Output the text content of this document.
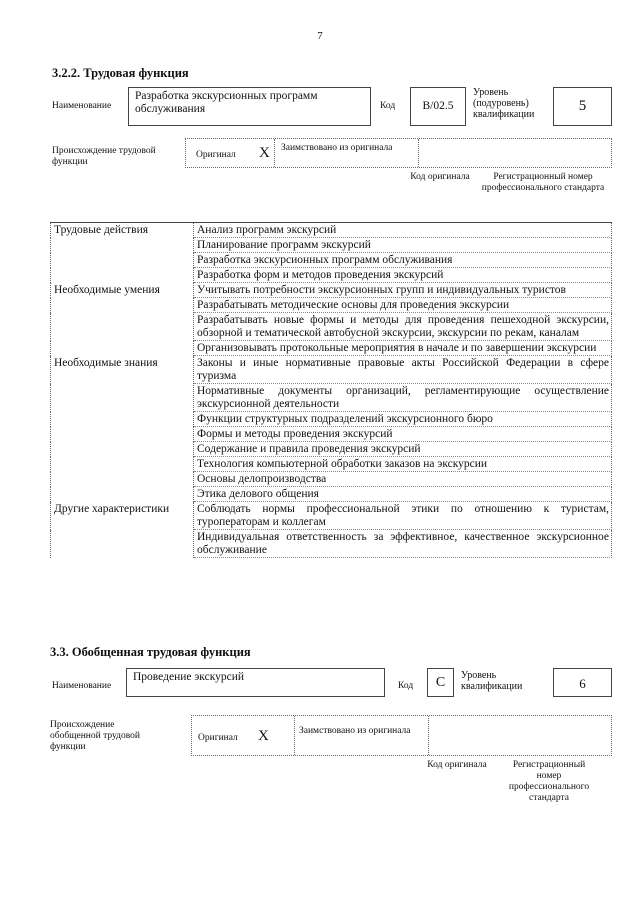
7
3.2.2. Трудовая функция
Наименование
Разработка экскурсионных программ обслуживания	Код	B/02.5
Уровень (подуровень) квалификации
5
Происхождение трудовой функции
Оригинал X Заимствовано из оригинала
Код оригинала	Регистрационный номер профессионального стандарта
Трудовые действия	Анализ программ экскурсий
	Планирование программ экскурсий
	Разработка экскурсионных программ обслуживания
	Разработка форм и методов проведения экскурсий
Необходимые умения	Учитывать потребности экскурсионных групп и индивидуальных туристов
	Разрабатывать методические основы для проведения экскурсии
	Разрабатывать новые формы и методы для проведения пешеходной экскурсии, обзорной и тематической автобусной экскурсии, экскурсии по рекам, каналам
	Организовывать протокольные мероприятия в начале и по завершении экскурсии
Необходимые знания	Законы и иные нормативные правовые акты Российской Федерации в сфере туризма
	Нормативные документы организаций, регламентирующие осуществление экскурсионной деятельности
	Функции структурных подразделений экскурсионного бюро
	Формы и методы проведения экскурсий
	Содержание и правила проведения экскурсий
	Технология компьютерной обработки заказов на экскурсии
	Основы делопроизводства
	Этика делового общения
Другие характеристики	Соблюдать нормы профессиональной этики по отношению к туристам, туроператорам и коллегам
	Индивидуальная ответственность за эффективное, качественное экскурсионное обслуживание
3.3. Обобщенная трудовая функция
Наименование
Проведение экскурсий
Код	C	Уровень квалификации	6
Происхождение обобщенной трудовой функции
Оригинал X	Заимствовано из оригинала
Код оригинала	Регистрационный номер профессионального стандарта
